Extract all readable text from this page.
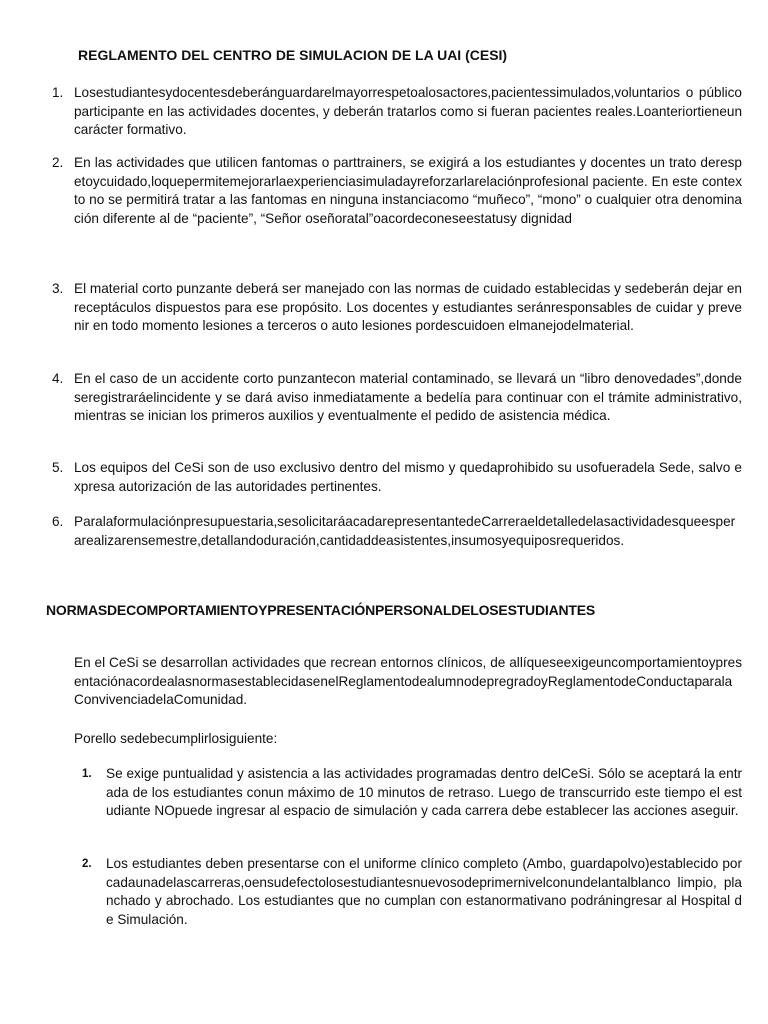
REGLAMENTO DEL CENTRO DE SIMULACION DE LA UAI (CESI)
1. Losestudiantesydocentesdeberánguardarelmayorrespetoalosactores,pacientessimulados,voluntarios o público participante en las actividades docentes, y deberán tratarlos como si fueran pacientes reales.Loanteriortieneuncarácter formativo.
2. En las actividades que utilicen fantomas o parttrainers, se exigirá a los estudiantes y docentes un trato derespetoycuidado,loquepermitemejorarlaexperienciasimuladayreforzarlarelaciónprofesional paciente. En este contexto no se permitirá tratar a las fantomas en ninguna instanciacomo “muñeco”, “mono” o cualquier otra denominación diferente al de “paciente”, “Señor oseñoratal”oacordeconeseestatusy dignidad
3. El material corto punzante deberá ser manejado con las normas de cuidado establecidas y sedeberán dejar en receptáculos dispuestos para ese propósito. Los docentes y estudiantes seránresponsables de cuidar y prevenir en todo momento lesiones a terceros o auto lesiones pordescuidoen elmanejodelmaterial.
4. En el caso de un accidente corto punzantecon material contaminado, se llevará un “libro denovedades”,dondeseregistraráelincidente y se dará aviso inmediatamente a bedelía para continuar con el trámite administrativo, mientras se inician los primeros auxilios y eventualmente el pedido de asistencia médica.
5. Los equipos del CeSi son de uso exclusivo dentro del mismo y quedaprohibido su usofueradela Sede, salvo expresa autorización de las autoridades pertinentes.
6. Paralaformulaciónpresupuestaria,sesolicitaráacadarepresentantedeCarreraeldetalledelasactividadesqueesperarealizarensemestre,detallandoduración,cantidaddeasistentes,insumosyequiposrequeridos.
NORMASDECOMPORTAMIENTOYPRESENTACIÓNPERSONALDELOSESTUDIANTES

En el CeSi se desarrollan actividades que recrean entornos clínicos, de allíqueseexigeuncomportamientoypresentaciónacordealasnormasestablecidasenelReglamentodealumnodepregradoyReglamentodeConductaparalaConvivenciadelaComunidad.

Porello sedebecumplirlosiguiente:

1. Se exige puntualidad y asistencia a las actividades programadas dentro delCeSi. Sólo se aceptará la entrada de los estudiantes conun máximo de 10 minutos de retraso. Luego de transcurrido este tiempo el estudiante NOpuede ingresar al espacio de simulación y cada carrera debe establecer las acciones aseguir.
2. Los estudiantes deben presentarse con el uniforme clínico completo (Ambo, guardapolvo)establecido por cadaunadelascarreras,oensudefectolosestudiantesnuevosodeprimernivelconundelantalblanco limpio, planchado y abrochado. Los estudiantes que no cumplan con estanormativano podráningresar al Hospital de Simulación.
